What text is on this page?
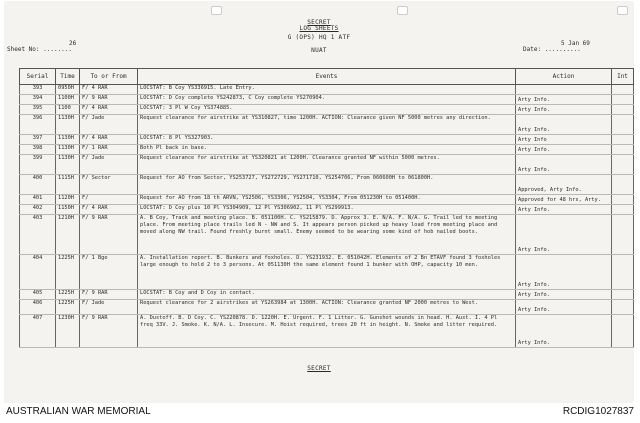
SECRET
LOG SHEETS
G (OPS) HQ 1 ATF
NUAT
Sheet No: ........
26
Date: ..........
5 Jan 69
Serial	Time	To or From	Events	Action	Int
393	0950H	F/ 4 RAR	LOCSTAT: B Coy YS336915. Late Entry.		
394	1100H	F/ 9 RAR	LOCSTAT: D Coy complete YS242873, C Coy complete YS270904.	Arty Info.	
395	1100	F/ 4 RAR	LOCSTAT: 3 Pl W Coy YS374885.	Arty Info.	
396	1130H	F/ Jade	Request clearance for airstrike at YS310827, time 1200H. ACTION: Clearance given NF 5000 metres any direction.	Arty Info.	
397	1130H	F/ 4 RAR	LOCSTAT: 8 Pl YS327903.	Arty Info	
398	1130H	F/ 1 RAR	Both Pl back in base.	Arty Info.	
399	1130H	F/ Jade	Request clearance for airstrike at YS320821 at 1200H. Clearance granted NF within 5000 metres.	Arty Info.	
400	1115H	F/ Sector	Request for AO from Sector, YS253727, YS272729, YS271710, YS254706, From 060600H to 061800H.	Approved, Arty Info.	
401	1120H	F/	Request for AO from 18 th ARVN, YS2506, YS3306, YS2504, YS3304, From 051230H to 051400H.	Approved for 48 hrs, Arty.	
402	1150H	F/ 4 RAR	LOCSTAT: D Coy plus 10 Pl YS304909, 12 Pl YS306902, 11 Pl YS299913.	Arty Info.	
403	1210H	F/ 9 RAR	A. B Coy, Track and meeting place. B. 051100H. C. YS215879. D. Approx 3. E. N/A. F. N/A. G. Trail led to meeting place. From meeting place trails led N - NW and S. It appears person picked up heavy load from meeting place and moved along NW trail. Found freshly burnt small. Enemy seemed to be wearing some kind of hob nailed boots.	Arty Info.	
404	1225H	F/ 1 Bge	A. Installation report. B. Bunkers and foxholes. D. YS231932. E. 051042H. Elements of 2 Bn ETAVF found 3 foxholes large enough to hold 2 to 3 persons. At 051130H the same element found 1 bunker with OHP, capacity 10 men.	Arty Info.	
405	1225H	F/ 9 RAR	LOCSTAT: B Coy and D Coy in contact.	Arty Info.	
406	1225H	F/ Jade	Request clearance for 2 airstrikes at YS263984 at 1300H. ACTION: Clearance granted NF 2000 metres to West.	Arty Info.	
407	1230H	F/ 9 RAR	A. Dustoff. B. D Coy. C. YS220878. D. 1220H. E. Urgent. F. 1 Litter. G. Gunshot wounds in head. H. Aust. I. 4 Pl freq 33V. J. Smoke. K. N/A. L. Insecure. M. Hoist required, trees 20 ft in height. N. Smoke and litter required.	Arty Info.	
SECRET
AUSTRALIAN WAR MEMORIAL	RCDIG1027837
